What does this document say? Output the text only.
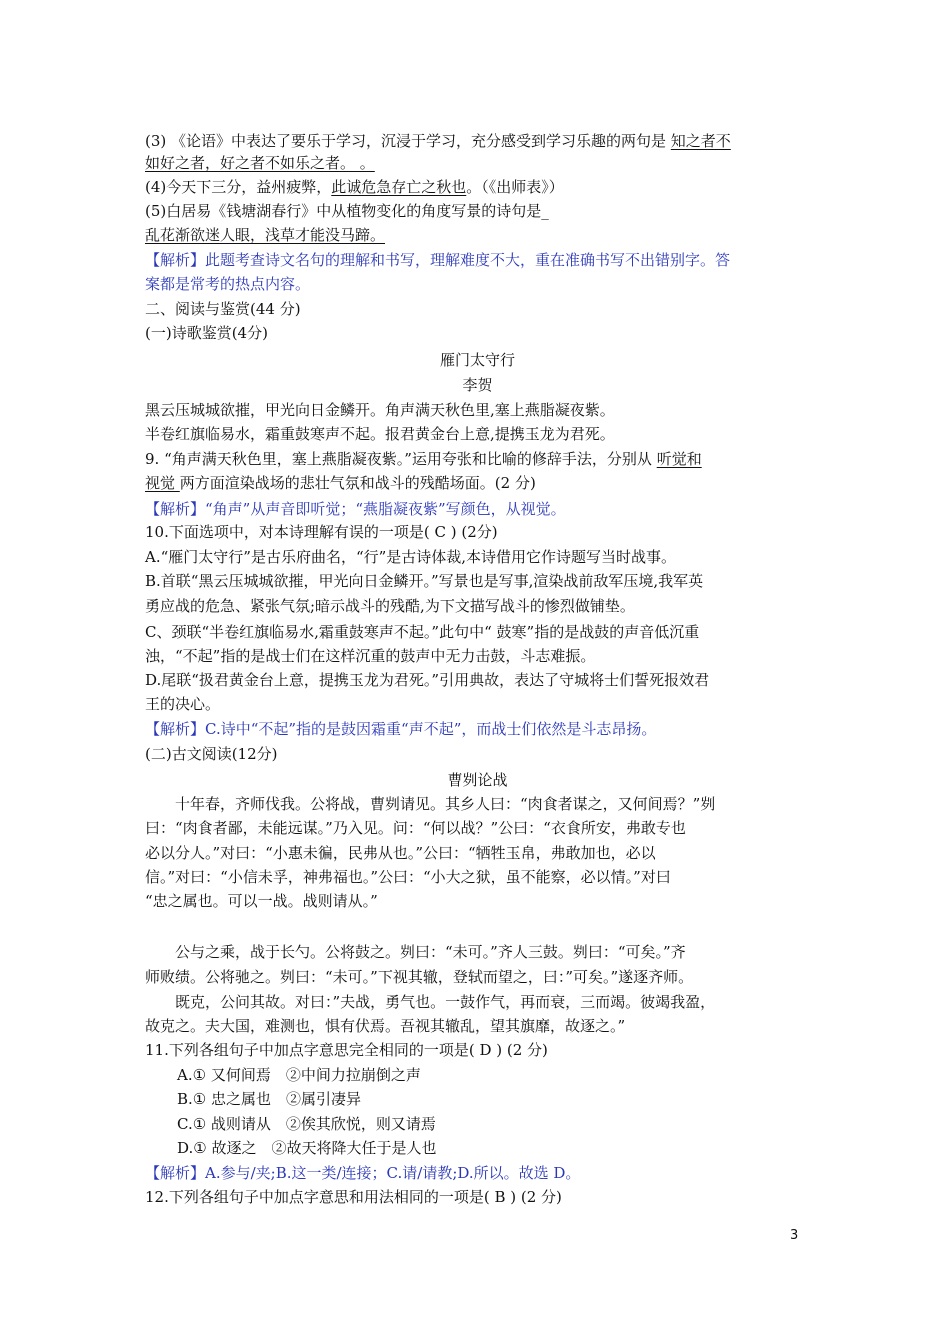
(3) 《论语》中表达了要乐于学习，沉浸于学习，充分感受到学习乐趣的两句是 知之者不

如好之者，好之者不如乐之者。 。

(4)今天下三分，益州疲弊，此诚危急存亡之秋也。（《出师表》）

(5)白居易《钱塘湖春行》中从植物变化的角度写景的诗句是_

乱花渐欲迷人眼，浅草才能没马蹄。

【解析】此题考查诗文名句的理解和书写，理解难度不大，重在准确书写不出错别字。答

案都是常考的热点内容。

二、阅读与鉴赏(44 分)

(一)诗歌鉴赏(4分)

雁门太守行

李贺

黑云压城城欲摧，甲光向日金鳞开。角声满天秋色里,塞上燕脂凝夜紫。

半卷红旗临易水，霜重鼓寒声不起。报君黄金台上意,提携玉龙为君死。

9. “角声满天秋色里，塞上燕脂凝夜紫。”运用夸张和比喻的修辞手法，分别从 听觉和

视觉 两方面渲染战场的悲壮气氛和战斗的残酷场面。(2 分)

【解析】“角声”从声音即听觉；“燕脂凝夜紫”写颜色，从视觉。

10.下面选项中，对本诗理解有误的一项是( C ) (2分)

A.“雁门太守行”是古乐府曲名，“行”是古诗体裁,本诗借用它作诗题写当时战事。

B.首联“黑云压城城欲摧，甲光向日金鳞开。”写景也是写事,渲染战前敌军压境,我军英

勇应战的危急、紧张气氛;暗示战斗的残酷,为下文描写战斗的惨烈做铺垫。

C、颈联“半卷红旗临易水,霜重鼓寒声不起。”此句中“ 鼓寒”指的是战鼓的声音低沉重

浊，“不起”指的是战士们在这样沉重的鼓声中无力击鼓，斗志难振。

D.尾联“扱君黄金台上意，提携玉龙为君死。”引用典故，表达了守城将士们誓死报效君

王的决心。

【解析】C.诗中“不起”指的是鼓因霜重“声不起”，而战士们依然是斗志昂扬。

(二)古文阅读(12分)

曹刿论战

十年春，齐师伐我。公将战，曹刿请见。其乡人曰：“肉食者谋之，又何间焉？”刿

曰：“肉食者鄙，未能远谋。”乃入见。问：“何以战？”公曰：“衣食所安，弗敢专也

必以分人。”对曰：“小惠未徧，民弗从也。”公曰：“牺牲玉帛，弗敢加也，必以

信。”对曰：“小信未孚，神弗福也。”公曰：“小大之狱，虽不能察，必以情。”对曰

“忠之属也。可以一战。战则请从。”

公与之乘，战于长勺。公将鼓之。刿曰：“未可。”齐人三鼓。刿曰：“可矣。”齐

师败绩。公将驰之。刿曰：“未可。”下视其辙，登轼而望之，曰：”可矣。”遂逐齐师。

既克，公问其故。对曰：”夫战，勇气也。一鼓作气，再而衰，三而竭。彼竭我盈，

故克之。夫大国，难测也，惧有伏焉。吾视其辙乱，望其旗靡，故逐之。”

11.下列各组句子中加点字意思完全相同的一项是( D ) (2 分)

A.① 又何间焉　②中间力拉崩倒之声

B.① 忠之属也　②属引凄异

C.① 战则请从　②俟其欣悦，则又请焉

D.① 故逐之　②故天将降大任于是人也

【解析】A.参与/夹;B.这一类/连接；C.请/请教;D.所以。故选 D。

12.下列各组句子中加点字意思和用法相同的一项是( B ) (2 分)

3
